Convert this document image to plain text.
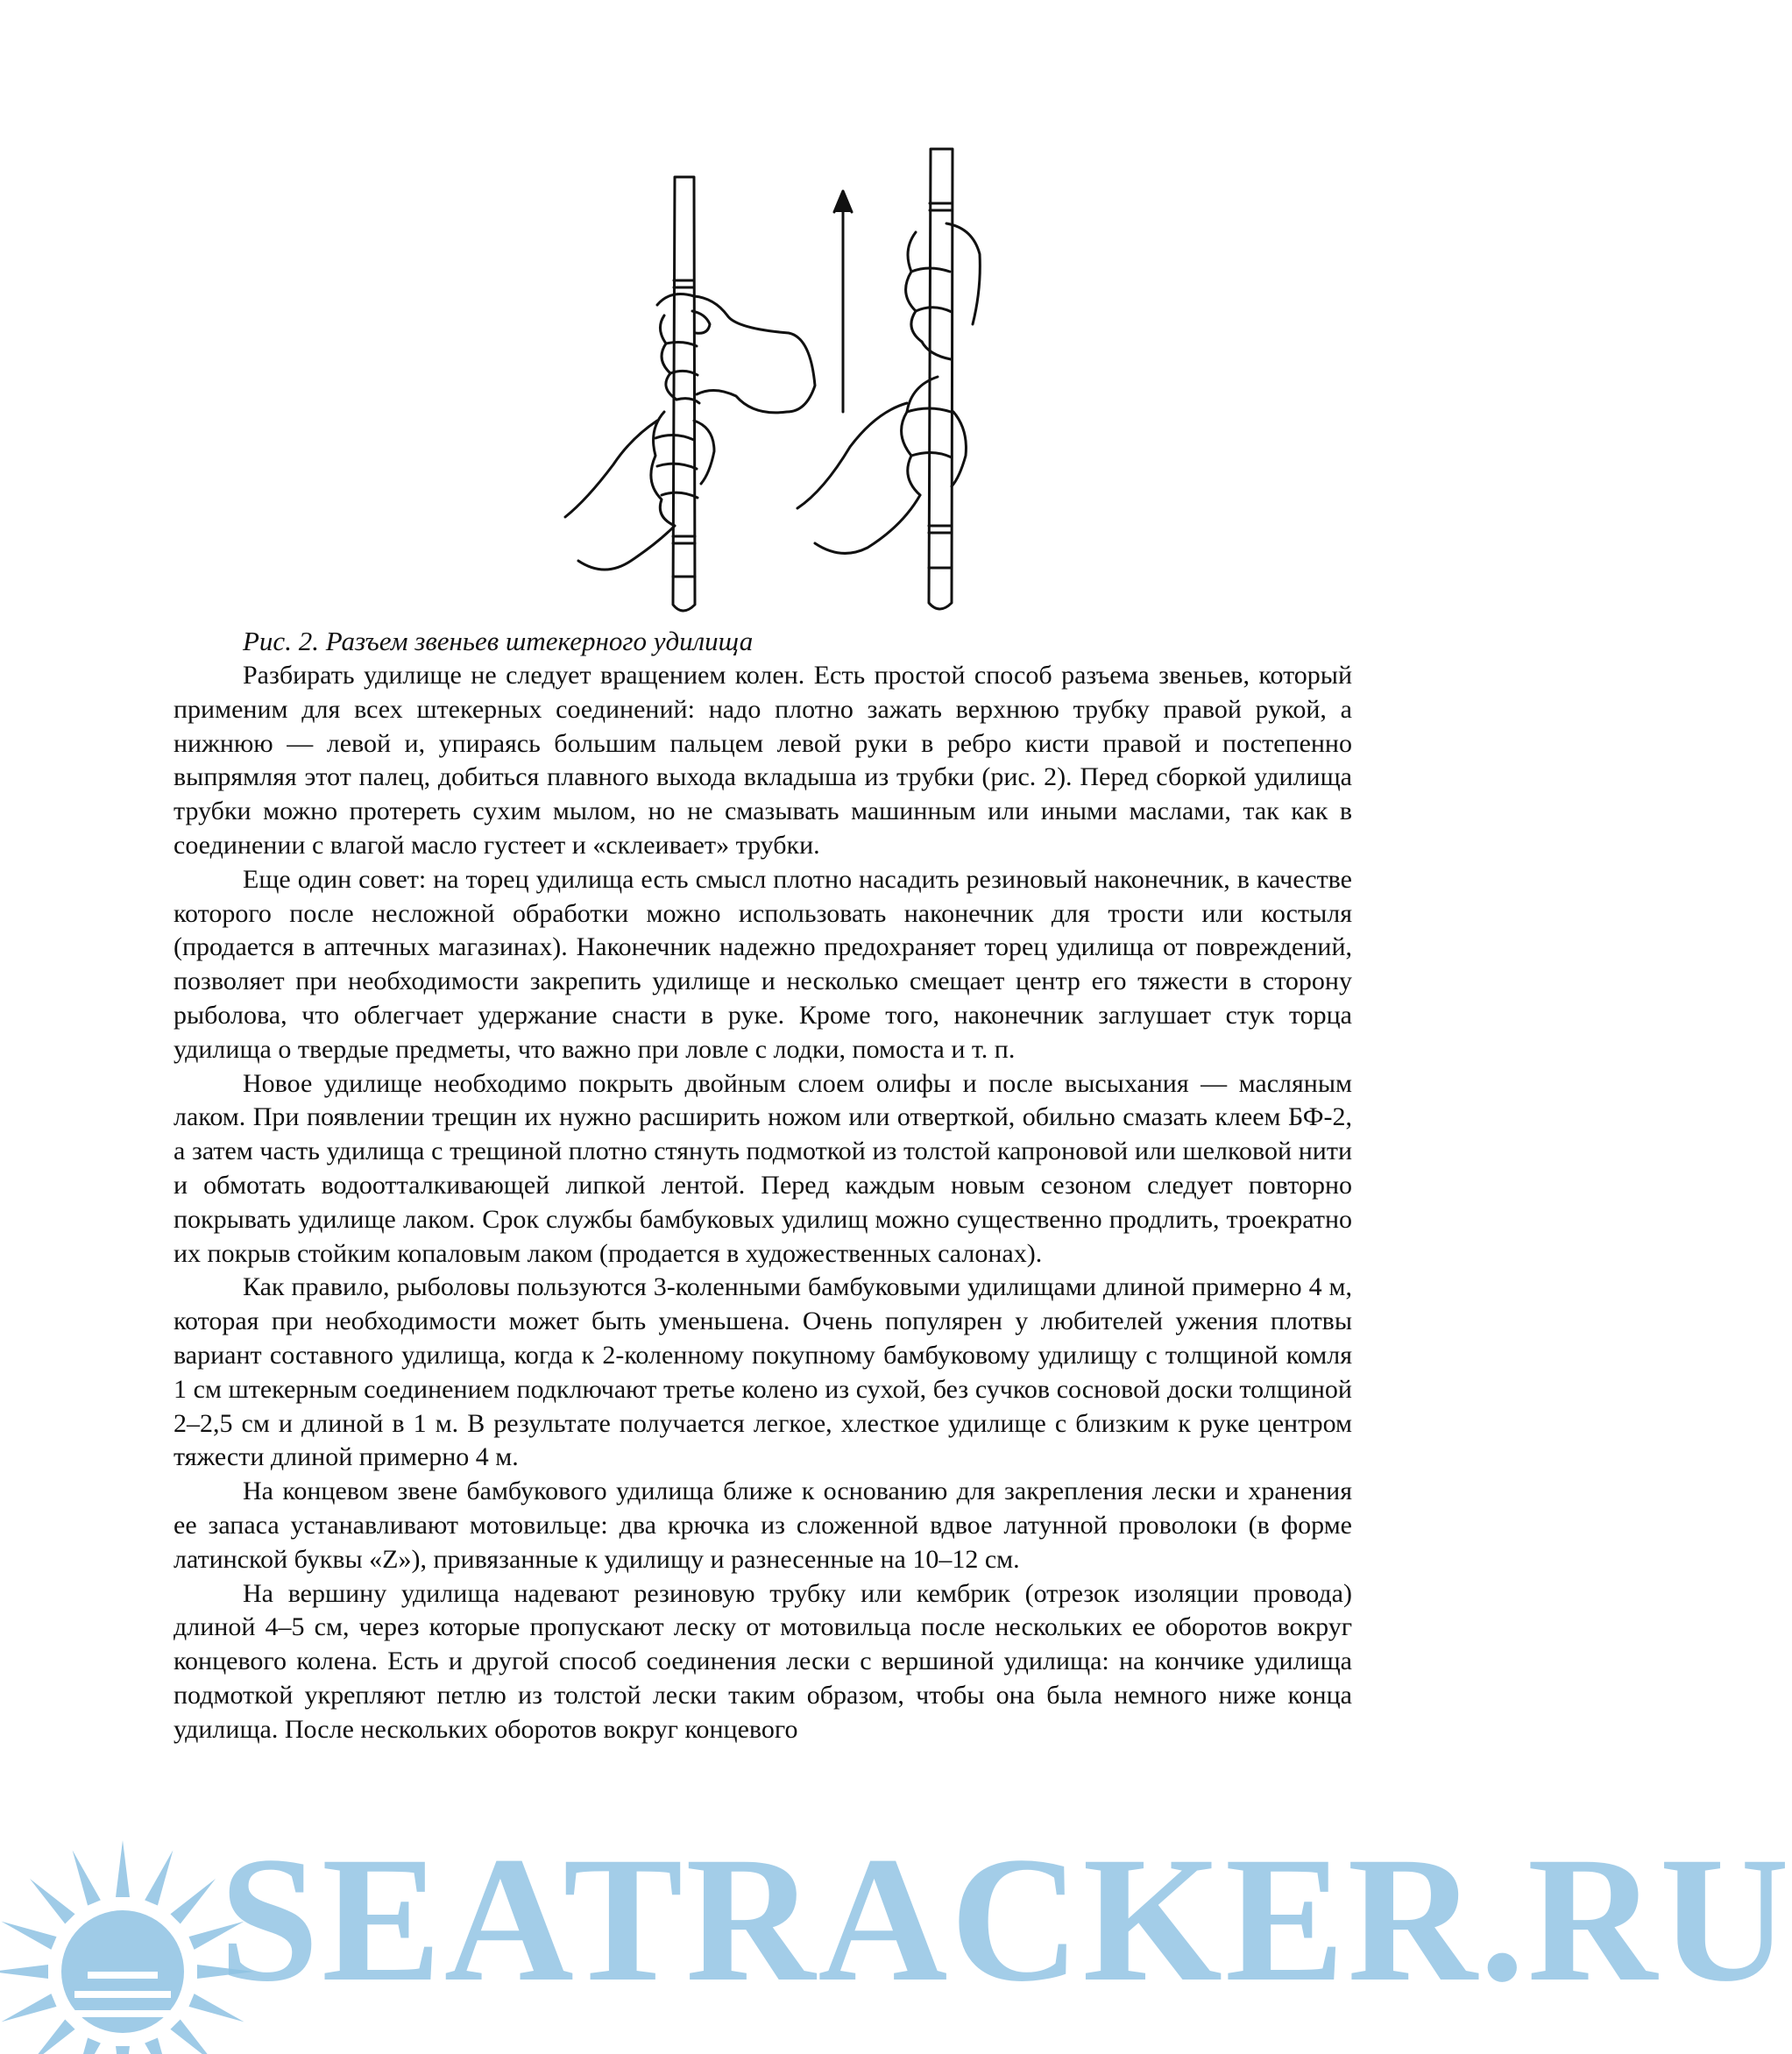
Рис. 2. Разъем звеньев штекерного удилища

Разбирать удилище не следует вращением колен. Есть простой способ разъема звеньев, который применим для всех штекерных соединений: надо плотно зажать верхнюю трубку правой рукой, а нижнюю — левой и, упираясь большим пальцем левой руки в ребро кисти правой и постепенно выпрямляя этот палец, добиться плавного выхода вкладыша из трубки (рис. 2). Перед сборкой удилища трубки можно протереть сухим мылом, но не смазывать машинным или иными маслами, так как в соединении с влагой масло густеет и «склеивает» трубки.

Еще один совет: на торец удилища есть смысл плотно насадить резиновый наконечник, в качестве которого после несложной обработки можно использовать наконечник для трости или костыля (продается в аптечных магазинах). Наконечник надежно предохраняет торец удилища от повреждений, позволяет при необходимости закрепить удилище и несколько смещает центр его тяжести в сторону рыболова, что облегчает удержание снасти в руке. Кроме того, наконечник заглушает стук торца удилища о твердые предметы, что важно при ловле с лодки, помоста и т. п.

Новое удилище необходимо покрыть двойным слоем олифы и после высыхания — масляным лаком. При появлении трещин их нужно расширить ножом или отверткой, обильно смазать клеем БФ-2, а затем часть удилища с трещиной плотно стянуть подмоткой из толстой капроновой или шелковой нити и обмотать водоотталкивающей липкой лентой. Перед каждым новым сезоном следует повторно покрывать удилище лаком. Срок службы бамбуковых удилищ можно существенно продлить, троекратно их покрыв стойким копаловым лаком (продается в художественных салонах).

Как правило, рыболовы пользуются 3-коленными бамбуковыми удилищами длиной примерно 4 м, которая при необходимости может быть уменьшена. Очень популярен у любителей ужения плотвы вариант составного удилища, когда к 2-коленному покупному бамбуковому удилищу с толщиной комля 1 см штекерным соединением подключают третье колено из сухой, без сучков сосновой доски толщиной 2–2,5 см и длиной в 1 м. В результате получается легкое, хлесткое удилище с близким к руке центром тяжести длиной примерно 4 м.

На концевом звене бамбукового удилища ближе к основанию для закрепления лески и хранения ее запаса устанавливают мотовильце: два крючка из сложенной вдвое латунной проволоки (в форме латинской буквы «Z»), привязанные к удилищу и разнесенные на 10–12 см.

На вершину удилища надевают резиновую трубку или кембрик (отрезок изоляции провода) длиной 4–5 см, через которые пропускают леску от мотовильца после нескольких ее оборотов вокруг концевого колена. Есть и другой способ соединения лески с вершиной удилища: на кончике удилища подмоткой укрепляют петлю из толстой лески таким образом, чтобы она была немного ниже конца удилища. После нескольких оборотов вокруг концевого

SEATRACKER.RU
